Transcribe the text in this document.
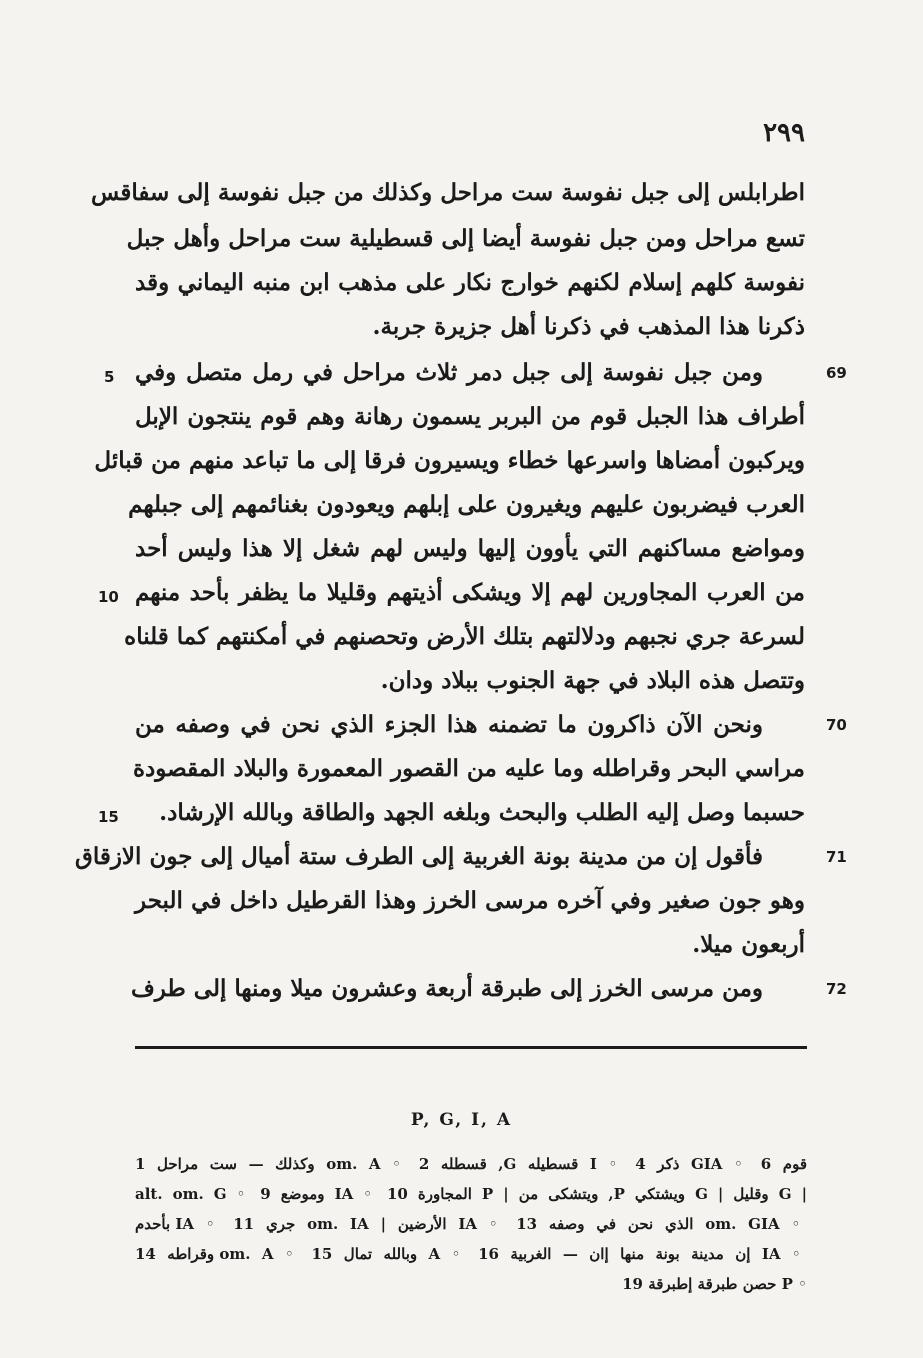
٢٩٩
اطرابلس إلى جبل نفوسة ست مراحل وكذلك من جبل نفوسة إلى سفاقس
تسع مراحل ومن جبل نفوسة أيضا إلى قسطيلية ست مراحل وأهل جبل
نفوسة كلهم إسلام لكنهم خوارج نكار على مذهب ابن منبه اليماني وقد
ذكرنا هذا المذهب في ذكرنا أهل جزيرة جربة.
ومن جبل نفوسة إلى جبل دمر ثلاث مراحل في رمل متصل وفي
أطراف هذا الجبل قوم من البربر يسمون رهانة وهم قوم ينتجون الإبل
ويركبون أمضاها واسرعها خطاء ويسيرون فرقا إلى ما تباعد منهم من قبائل
العرب فيضربون عليهم ويغيرون على إبلهم ويعودون بغنائمهم إلى جبلهم
ومواضع مساكنهم التي يأوون إليها وليس لهم شغل إلا هذا وليس أحد
من العرب المجاورين لهم إلا ويشكى أذيتهم وقليلا ما يظفر بأحد منهم
لسرعة جري نجبهم ودلالتهم بتلك الأرض وتحصنهم في أمكنتهم كما قلناه
وتتصل هذه البلاد في جهة الجنوب ببلاد ودان.
ونحن الآن ذاكرون ما تضمنه هذا الجزء الذي نحن في وصفه من
مراسي البحر وقراطله وما عليه من القصور المعمورة والبلاد المقصودة
حسبما وصل إليه الطلب والبحث وبلغه الجهد والطاقة وبالله الإرشاد.
فأقول إن من مدينة بونة الغربية إلى الطرف ستة أميال إلى جون الازقاق
وهو جون صغير وفي آخره مرسى الخرز وهذا القرطيل داخل في البحر
أربعون ميلا.
ومن مرسى الخرز إلى طبرقة أربعة وعشرون ميلا ومنها إلى طرف
69
70
71
72
5
10
15
P, G, I, A
قوم 6 ◦ GIA ذكر 4 ◦ I قسطيله G, قسطله 2 ◦ om. A وكذلك — ست مراحل 1
| G وقليل | G ويشتكي P, ويتشكى من | P المجاورة 10 ◦ IA وموضع 9 ◦ alt. om. G
◦ om. GIA الذي نحن في وصفه 13 ◦ IA الأرضين | om. IA جري 11 ◦ IA بأحدم
◦ IA إن مدينة بونة منها إان — الغربية 16 ◦ A وبالله تمال 15 ◦ om. A وقراطه 14
◦ P حصن طبرقة إطبرقة 19
